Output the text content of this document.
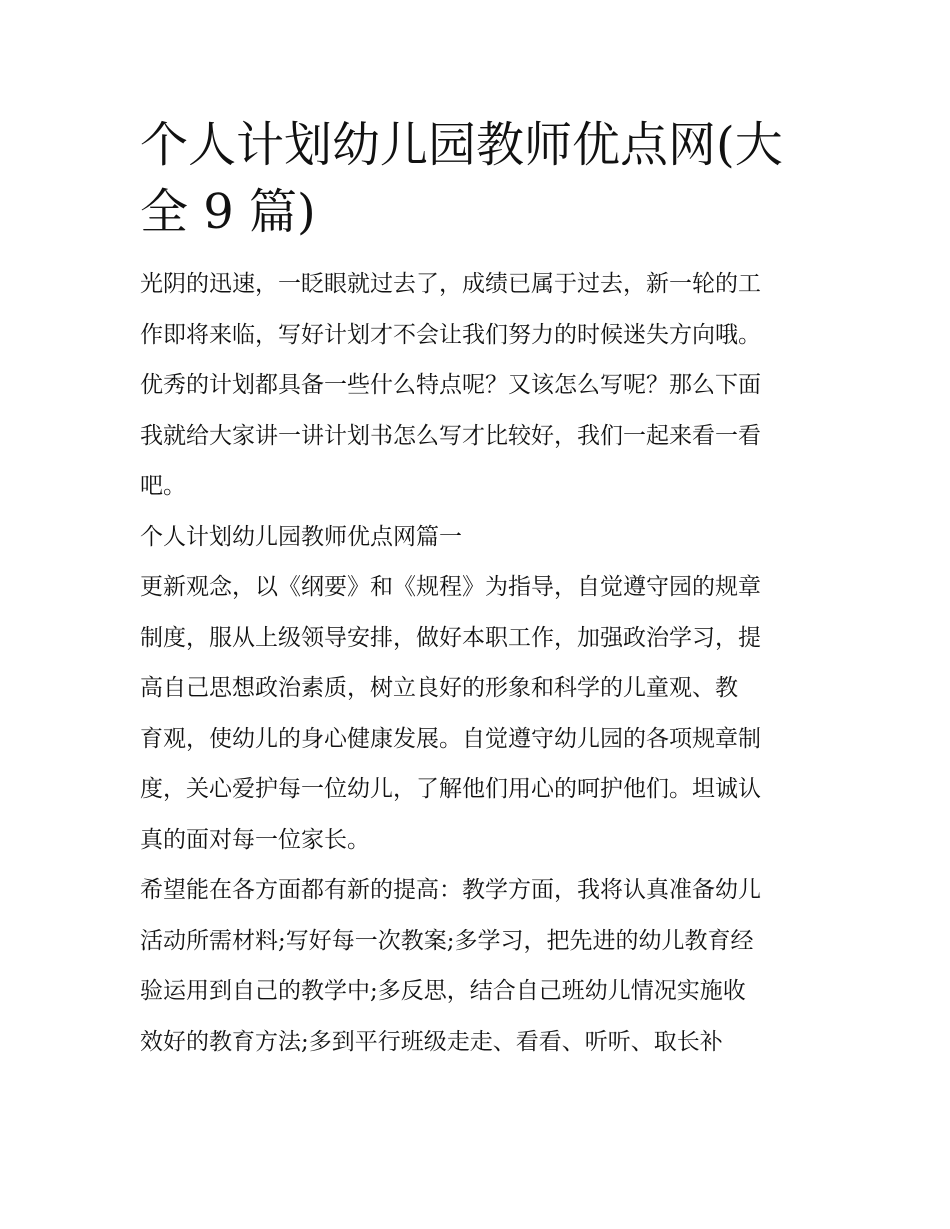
个人计划幼儿园教师优点网(大
全 9 篇)
光阴的迅速，一眨眼就过去了，成绩已属于过去，新一轮的工
作即将来临，写好计划才不会让我们努力的时候迷失方向哦。
优秀的计划都具备一些什么特点呢？又该怎么写呢？那么下面
我就给大家讲一讲计划书怎么写才比较好，我们一起来看一看
吧。
个人计划幼儿园教师优点网篇一
更新观念，以《纲要》和《规程》为指导，自觉遵守园的规章
制度，服从上级领导安排，做好本职工作，加强政治学习，提
高自己思想政治素质，树立良好的形象和科学的儿童观、教
育观，使幼儿的身心健康发展。自觉遵守幼儿园的各项规章制
度，关心爱护每一位幼儿，了解他们用心的呵护他们。坦诚认
真的面对每一位家长。
希望能在各方面都有新的提高：教学方面，我将认真准备幼儿
活动所需材料;写好每一次教案;多学习，把先进的幼儿教育经
验运用到自己的教学中;多反思，结合自己班幼儿情况实施收
效好的教育方法;多到平行班级走走、看看、听听、取长补
